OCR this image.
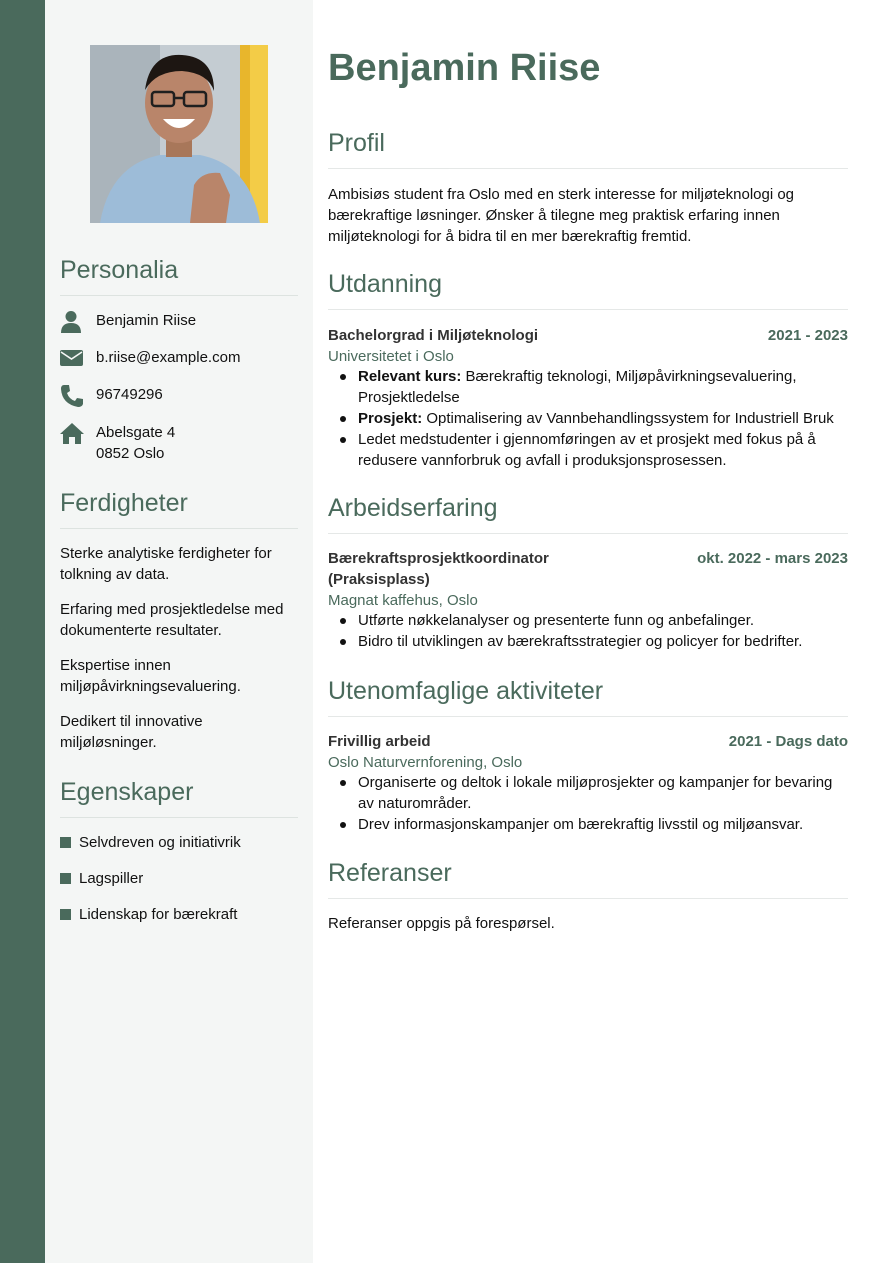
Personalia
Benjamin Riise
b.riise@example.com
96749296
Abelsgate 4
0852 Oslo
Ferdigheter

Sterke analytiske ferdigheter for tolkning av data.

Erfaring med prosjektledelse med dokumenterte resultater.

Ekspertise innen miljøpåvirkningsevaluering.

Dedikert til innovative miljøløsninger.

Egenskaper
Selvdreven og initiativrik
Lagspiller
Lidenskap for bærekraft
Benjamin Riise
Profil

Ambisiøs student fra Oslo med en sterk interesse for miljøteknologi og bærekraftige løsninger. Ønsker å tilegne meg praktisk erfaring innen miljøteknologi for å bidra til en mer bærekraftig fremtid.

Utdanning
Bachelorgrad i Miljøteknologi	2021 - 2023
Universitetet i Oslo
Relevant kurs: Bærekraftig teknologi, Miljøpåvirkningsevaluering, Prosjektledelse
Prosjekt: Optimalisering av Vannbehandlingssystem for Industriell Bruk
Ledet medstudenter i gjennomføringen av et prosjekt med fokus på å redusere vannforbruk og avfall i produksjonsprosessen.
Arbeidserfaring
Bærekraftsprosjektkoordinator (Praksisplass)
okt. 2022 - mars 2023
Magnat kaffehus, Oslo
Utførte nøkkelanalyser og presenterte funn og anbefalinger.
Bidro til utviklingen av bærekraftsstrategier og policyer for bedrifter.
Utenomfaglige aktiviteter
Frivillig arbeid	2021 - Dags dato
Oslo Naturvernforening, Oslo
Organiserte og deltok i lokale miljøprosjekter og kampanjer for bevaring av naturområder.
Drev informasjonskampanjer om bærekraftig livsstil og miljøansvar.
Referanser

Referanser oppgis på forespørsel.
